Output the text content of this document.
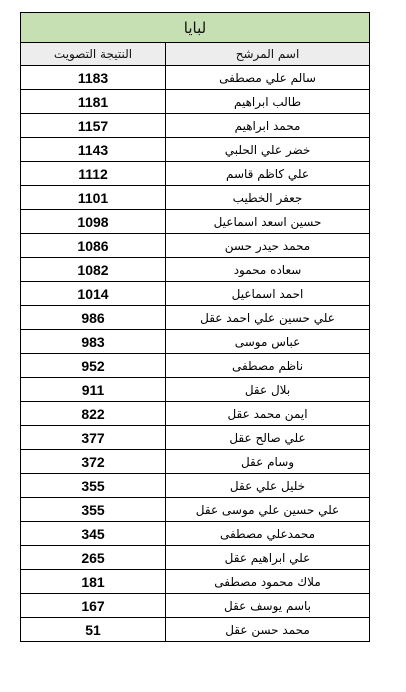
لبايا	
النتيجة التصويت	اسم المرشح
1183	سالم علي مصطفى
1181	طالب ابراهيم
1157	محمد ابراهيم
1143	خضر علي الحلبي
1112	علي كاظم قاسم
1101	جعفر الخطيب
1098	حسين اسعد اسماعيل
1086	محمد حيدر حسن
1082	سعاده محمود
1014	احمد اسماعيل
986	علي حسين علي احمد عقل
983	عباس موسى
952	ناظم مصطفى
911	بلال عقل
822	ايمن محمد عقل
377	علي صالح عقل
372	وسام عقل
355	خليل علي عقل
355	علي حسين علي موسى عقل
345	محمدعلي مصطفى
265	علي ابراهيم عقل
181	ملاك محمود مصطفى
167	باسم يوسف عقل
51	محمد حسن عقل
